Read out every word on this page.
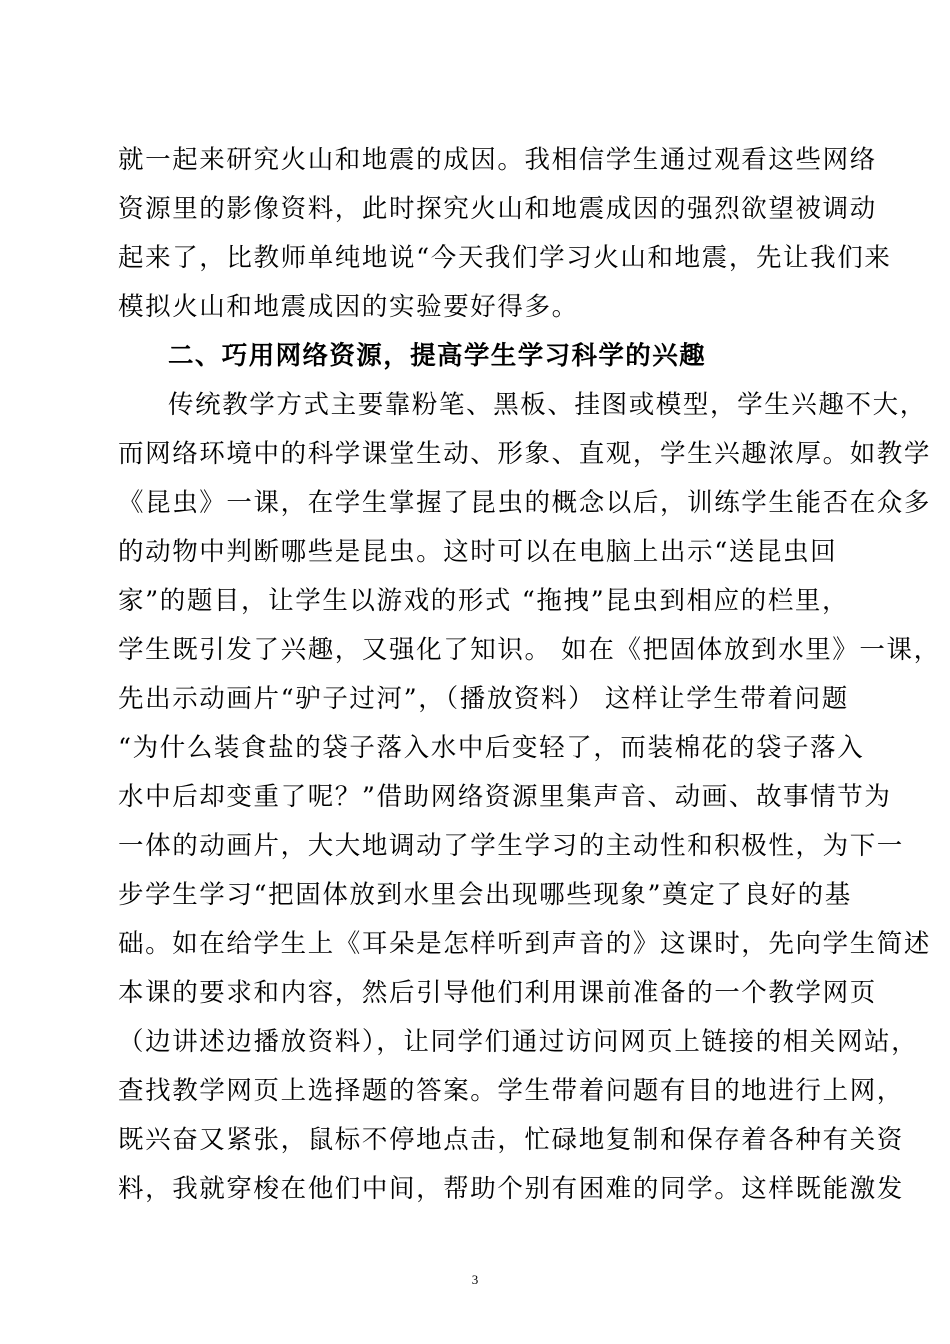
就一起来研究火山和地震的成因。我相信学生通过观看这些网络
资源里的影像资料，此时探究火山和地震成因的强烈欲望被调动
起来了，比教师单纯地说“今天我们学习火山和地震，先让我们来
模拟火山和地震成因的实验要好得多。
二、巧用网络资源，提高学生学习科学的兴趣
传统教学方式主要靠粉笔、黑板、挂图或模型，学生兴趣不大，
而网络环境中的科学课堂生动、形象、直观，学生兴趣浓厚。如教学
《昆虫》一课，在学生掌握了昆虫的概念以后，训练学生能否在众多
的动物中判断哪些是昆虫。这时可以在电脑上出示“送昆虫回
家”的题目，让学生以游戏的形式 “拖拽”昆虫到相应的栏里，
学生既引发了兴趣，又强化了知识。 如在《把固体放到水里》一课，
先出示动画片“驴子过河”，（播放资料） 这样让学生带着问题
“为什么装食盐的袋子落入水中后变轻了，而装棉花的袋子落入
水中后却变重了呢？”借助网络资源里集声音、动画、故事情节为
一体的动画片，大大地调动了学生学习的主动性和积极性，为下一
步学生学习“把固体放到水里会出现哪些现象”奠定了良好的基
础。如在给学生上《耳朵是怎样听到声音的》这课时，先向学生简述
本课的要求和内容，然后引导他们利用课前准备的一个教学网页
（边讲述边播放资料），让同学们通过访问网页上链接的相关网站，
查找教学网页上选择题的答案。学生带着问题有目的地进行上网，
既兴奋又紧张，鼠标不停地点击，忙碌地复制和保存着各种有关资
料，我就穿梭在他们中间，帮助个别有困难的同学。这样既能激发
3
